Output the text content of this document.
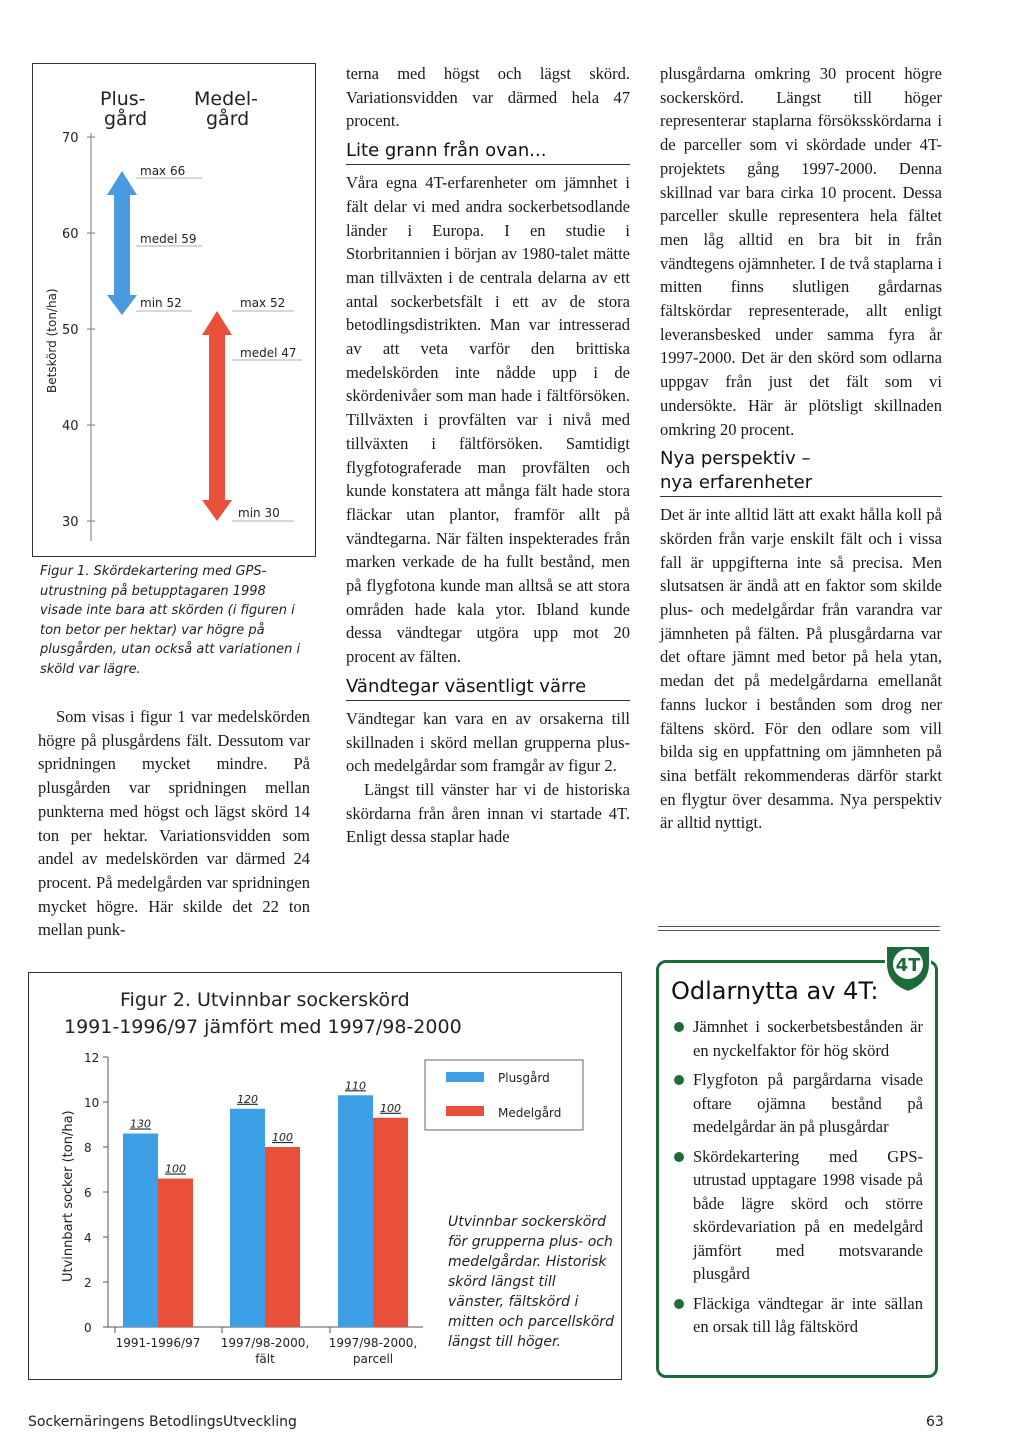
30
40
50
60
70
Plus-
gård
Medel-
gård
max 66
medel 59
min 52	max 52
medel 47
min 30
Betskörd (ton/ha)
Figur 1. Skördekartering med GPS-utrustning på betupptagaren 1998 visade inte bara att skörden (i figuren i ton betor per hektar) var högre på plusgården, utan också att variationen i sköld var lägre.

Som visas i figur 1 var medelskörden högre på plusgårdens fält. Dessutom var spridningen mycket mindre. På plusgården var spridningen mellan punkterna med högst och lägst skörd 14 ton per hektar. Variationsvidden som andel av medelskörden var därmed 24 procent. På medelgården var spridningen mycket högre. Här skilde det 22 ton mellan punk-

terna med högst och lägst skörd. Variationsvidden var därmed hela 47 procent.

Lite grann från ovan...

Våra egna 4T-erfarenheter om jämnhet i fält delar vi med andra sockerbetsodlande länder i Europa. I en studie i Storbritannien i början av 1980-talet mätte man tillväxten i de centrala delarna av ett antal sockerbetsfält i ett av de stora betodlingsdistrikten. Man var intresserad av att veta varför den brittiska medelskörden inte nådde upp i de skördenivåer som man hade i fältförsöken. Tillväxten i provfälten var i nivå med tillväxten i fältförsöken. Samtidigt flygfotograferade man provfälten och kunde konstatera att många fält hade stora fläckar utan plantor, framför allt på vändtegarna. När fälten inspekterades från marken verkade de ha fullt bestånd, men på flygfotona kunde man alltså se att stora områden hade kala ytor. Ibland kunde dessa vändtegar utgöra upp mot 20 procent av fälten.

Vändtegar väsentligt värre

Vändtegar kan vara en av orsakerna till skillnaden i skörd mellan grupperna plus- och medelgårdar som framgår av figur 2.

Längst till vänster har vi de historiska skördarna från åren innan vi startade 4T. Enligt dessa staplar hade

plusgårdarna omkring 30 procent högre sockerskörd. Längst till höger representerar staplarna försöksskördarna i de parceller som vi skördade under 4T-projektets gång 1997-2000. Denna skillnad var bara cirka 10 procent. Dessa parceller skulle representera hela fältet men låg alltid en bra bit in från vändtegens ojämnheter. I de två staplarna i mitten finns slutligen gårdarnas fältskördar representerade, allt enligt leveransbesked under samma fyra år 1997-2000. Det är den skörd som odlarna uppgav från just det fält som vi undersökte. Här är plötsligt skillnaden omkring 20 procent.

Nya perspektiv –
nya erfarenheter

Det är inte alltid lätt att exakt hålla koll på skörden från varje enskilt fält och i vissa fall är uppgifterna inte så precisa. Men slutsatsen är ändå att en faktor som skilde plus- och medelgårdar från varandra var jämnheten på fälten. På plusgårdarna var det oftare jämnt med betor på hela ytan, medan det på medelgårdarna emellanåt fanns luckor i bestånden som drog ner fältens skörd. För den odlare som vill bilda sig en uppfattning om jämnheten på sina betfält rekommenderas därför starkt en flygtur över desamma. Nya perspektiv är alltid nyttigt.

Figur 2. Utvinnbar sockerskörd
1991-1996/97 jämfört med 1997/98-2000
Utvinnbart socker (ton/ha)
12
10
8
6
4
2
0
130
100
1991-1996/97
120
100
1997/98-2000,
fält
110
100
1997/98-2000,
parcell
Plusgård
Medelgård
Utvinnbar sockerskörd för grupperna plus- och medelgårdar. Historisk skörd längst till vänster, fältskörd i mitten och parcellskörd längst till höger.
Odlarnytta av 4T:
Jämnhet i sockerbetsbestånden är en nyckelfaktor för hög skörd
Flygfoton på pargårdarna visade oftare ojämna bestånd på medelgårdar än på plusgårdar
Skördekartering med GPS-utrustad upptagare 1998 visade på både lägre skörd och större skördevariation på en medelgård jämfört med motsvarande plusgård
Fläckiga vändtegar är inte sällan en orsak till låg fältskörd
4T
Sockernäringens BetodlingsUtveckling	63
